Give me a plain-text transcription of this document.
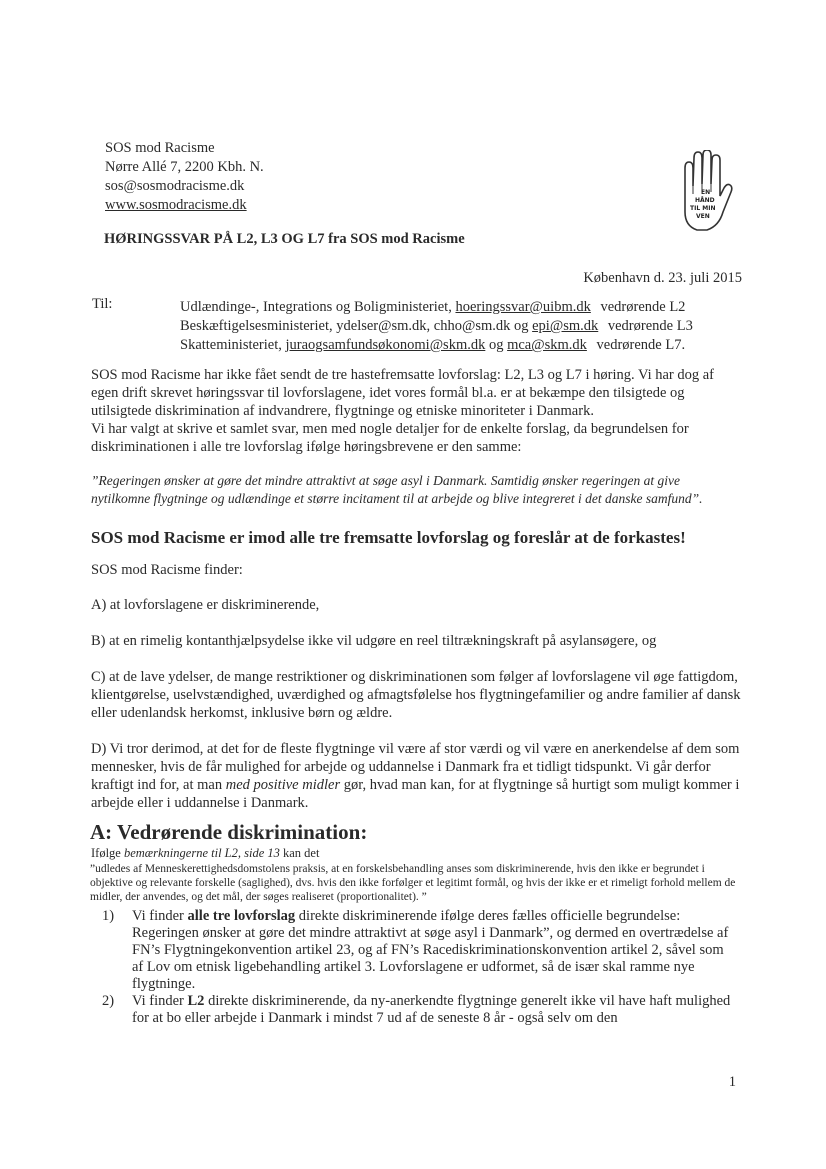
SOS mod Racisme
Nørre Allé 7, 2200 Kbh. N.
sos@sosmodracisme.dk
www.sosmodracisme.dk
EN
HÅND
TIL MIN
VEN
HØRINGSSVAR PÅ L2, L3 OG L7 fra SOS mod Racisme
København d. 23. juli 2015
Til:	Udlændinge-, Integrations og Boligministeriet, hoeringssvar@uibm.dk vedrørende L2
Beskæftigelsesministeriet, ydelser@sm.dk, chho@sm.dk og epi@sm.dk vedrørende L3
Skatteministeriet, juraogsamfundsøkonomi@skm.dk og mca@skm.dk vedrørende L7.
SOS mod Racisme har ikke fået sendt de tre hastefremsatte lovforslag: L2, L3 og L7 i høring. Vi har dog af egen drift skrevet høringssvar til lovforslagene, idet vores formål bl.a. er at bekæmpe den tilsigtede og utilsigtede diskrimination af indvandrere, flygtninge og etniske minoriteter i Danmark.
Vi har valgt at skrive et samlet svar, men med nogle detaljer for de enkelte forslag, da begrundelsen for diskriminationen i alle tre lovforslag ifølge høringsbrevene er den samme:
”Regeringen ønsker at gøre det mindre attraktivt at søge asyl i Danmark. Samtidig ønsker regeringen at give nytilkomne flygtninge og udlændinge et større incitament til at arbejde og blive integreret i det danske samfund”.
SOS mod Racisme er imod alle tre fremsatte lovforslag og foreslår at de forkastes!
SOS mod Racisme finder:
A) at lovforslagene er diskriminerende,
B) at en rimelig kontanthjælpsydelse ikke vil udgøre en reel tiltrækningskraft på asylansøgere, og
C) at de lave ydelser, de mange restriktioner og diskriminationen som følger af lovforslagene vil øge fattigdom, klientgørelse, uselvstændighed, uværdighed og afmagtsfølelse hos flygtningefamilier og andre familier af dansk eller udenlandsk herkomst, inklusive børn og ældre.
D) Vi tror derimod, at det for de fleste flygtninge vil være af stor værdi og vil være en anerkendelse af dem som mennesker, hvis de får mulighed for arbejde og uddannelse i Danmark fra et tidligt tidspunkt. Vi går derfor kraftigt ind for, at man med positive midler gør, hvad man kan, for at flygtninge så hurtigt som muligt kommer i arbejde eller i uddannelse i Danmark.
A: Vedrørende diskrimination:
Ifølge bemærkningerne til L2, side 13 kan det
”udledes af Menneskerettighedsdomstolens praksis, at en forskelsbehandling anses som diskriminerende, hvis den ikke er begrundet i objektive og relevante forskelle (saglighed), dvs. hvis den ikke forfølger et legitimt formål, og hvis der ikke er et rimeligt forhold mellem de midler, der anvendes, og det mål, der søges realiseret (proportionalitet). ”
1)	Vi finder alle tre lovforslag direkte diskriminerende ifølge deres fælles officielle begrundelse: Regeringen ønsker at gøre det mindre attraktivt at søge asyl i Danmark”, og dermed en overtrædelse af FN’s Flygtningekonvention artikel 23, og af FN’s Racediskriminationskonvention artikel 2, såvel som af Lov om etnisk ligebehandling artikel 3. Lovforslagene er udformet, så de især skal ramme nye flygtninge.
2)	Vi finder L2 direkte diskriminerende, da ny-anerkendte flygtninge generelt ikke vil have haft mulighed for at bo eller arbejde i Danmark i mindst 7 ud af de seneste 8 år - også selv om den
1
